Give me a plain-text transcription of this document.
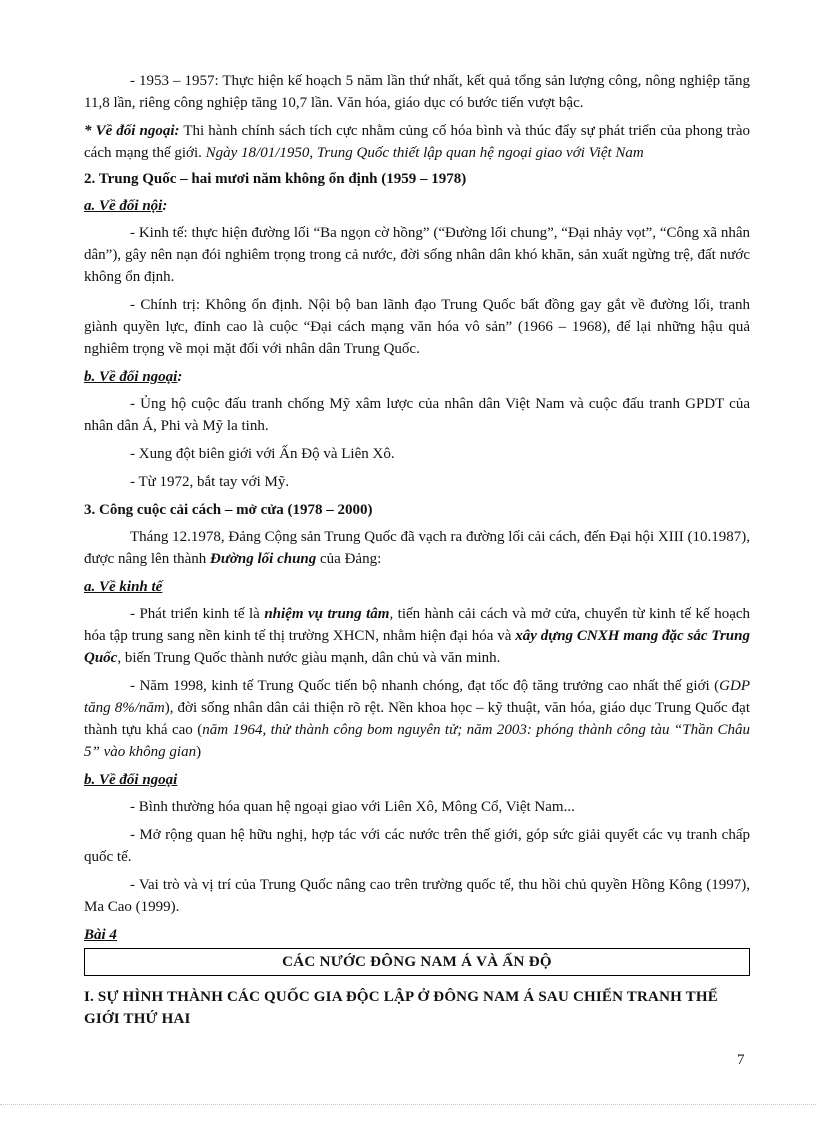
- 1953 – 1957: Thực hiện kế hoạch 5 năm lần thứ nhất, kết quả tổng sản lượng công, nông nghiệp tăng 11,8 lần, riêng công nghiệp tăng 10,7 lần. Văn hóa, giáo dục có bước tiến vượt bậc.

* Về đối ngoại: Thi hành chính sách tích cực nhằm củng cố hóa bình và thúc đẩy sự phát triển của phong trào cách mạng thế giới. Ngày 18/01/1950, Trung Quốc thiết lập quan hệ ngoại giao với Việt Nam

2. Trung Quốc – hai mươi năm không ổn định (1959 – 1978)
a. Về đối nội:

- Kinh tế: thực hiện đường lối “Ba ngọn cờ hồng” (“Đường lối chung”, “Đại nhảy vọt”, “Công xã nhân dân”), gây nên nạn đói nghiêm trọng trong cả nước, đời sống nhân dân khó khăn, sản xuất ngừng trệ, đất nước không ổn định.

- Chính trị: Không ổn định. Nội bộ ban lãnh đạo Trung Quốc bất đồng gay gắt về đường lối, tranh giành quyền lực, đỉnh cao là cuộc “Đại cách mạng văn hóa vô sản” (1966 – 1968), để lại những hậu quả nghiêm trọng về mọi mặt đối với nhân dân Trung Quốc.

b. Về đối ngoại:

- Ủng hộ cuộc đấu tranh chống Mỹ xâm lược của nhân dân Việt Nam và cuộc đấu tranh GPDT của nhân dân Á, Phi và Mỹ la tinh.

- Xung đột biên giới với Ấn Độ và Liên Xô.

- Từ 1972, bắt tay với Mỹ.

3. Công cuộc cải cách – mở cửa (1978 – 2000)

Tháng 12.1978, Đảng Cộng sản Trung Quốc đã vạch ra đường lối cải cách, đến Đại hội XIII (10.1987), được nâng lên thành Đường lối chung của Đảng:

a. Về kinh tế

- Phát triển kinh tế là nhiệm vụ trung tâm, tiến hành cải cách và mở cửa, chuyển từ kinh tế kế hoạch hóa tập trung sang nền kinh tế thị trường XHCN, nhằm hiện đại hóa và xây dựng CNXH mang đặc sắc Trung Quốc, biến Trung Quốc thành nước giàu mạnh, dân chủ và văn minh.

- Năm 1998, kinh tế Trung Quốc tiến bộ nhanh chóng, đạt tốc độ tăng trưởng cao nhất thế giới (GDP tăng 8%/năm), đời sống nhân dân cải thiện rõ rệt. Nền khoa học – kỹ thuật, văn hóa, giáo dục Trung Quốc đạt thành tựu khá cao (năm 1964, thử thành công bom nguyên tử; năm 2003: phóng thành công tàu “Thần Châu 5” vào không gian)

b. Về đối ngoại

- Bình thường hóa quan hệ ngoại giao với Liên Xô, Mông Cổ, Việt Nam...

- Mở rộng quan hệ hữu nghị, hợp tác với các nước trên thế giới, góp sức giải quyết các vụ tranh chấp quốc tế.

- Vai trò và vị trí của Trung Quốc nâng cao trên trường quốc tế, thu hồi chủ quyền Hồng Kông (1997), Ma Cao (1999).

Bài 4
CÁC NƯỚC ĐÔNG NAM Á VÀ ẤN ĐỘ
I. SỰ HÌNH THÀNH CÁC QUỐC GIA ĐỘC LẬP Ở ĐÔNG NAM Á SAU CHIẾN TRANH THẾ GIỚI THỨ HAI
7
